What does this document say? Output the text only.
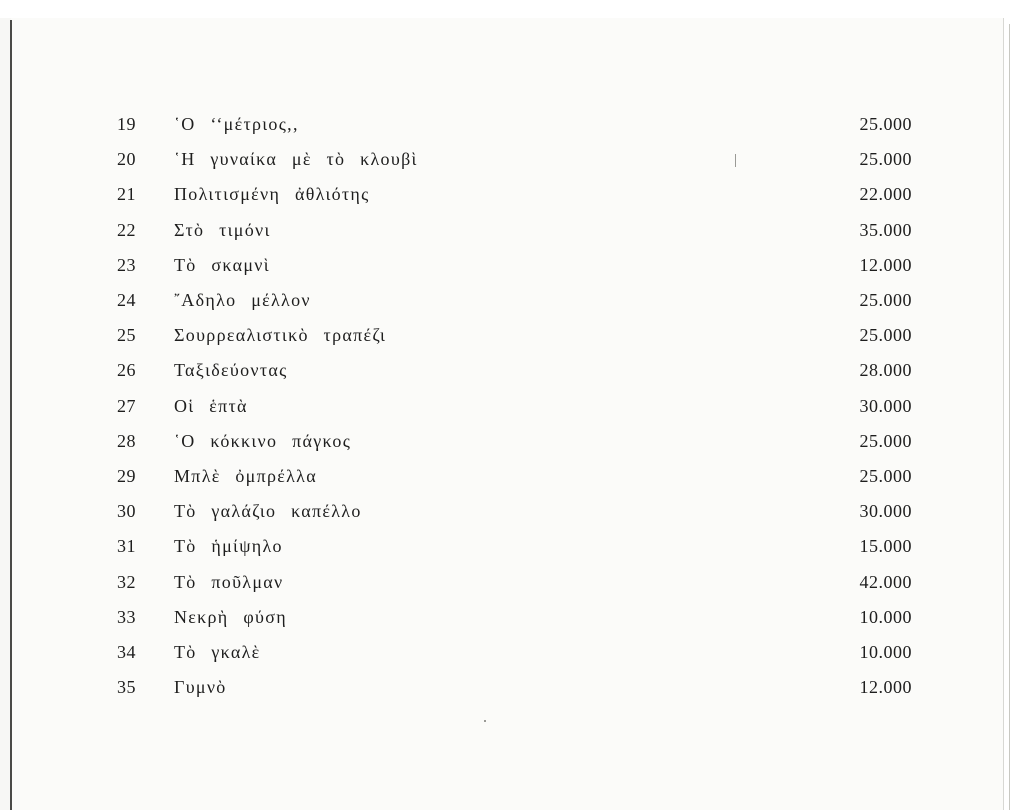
19	῾Ο ‘‘μέτριος,,	25.000
20	῾Η γυναίκα μὲ τὸ κλουβὶ	25.000
21	Πολιτισμένη ἀθλιότης	22.000
22	Στὸ τιμόνι	35.000
23	Τὸ σκαμνὶ	12.000
24	῎Αδηλο μέλλον	25.000
25	Σουρρεαλιστικὸ τραπέζι	25.000
26	Ταξιδεύοντας	28.000
27	Οἱ ἑπτὰ	30.000
28	῾Ο κόκκινο πάγκος	25.000
29	Μπλὲ ὀμπρέλλα	25.000
30	Τὸ γαλάζιο καπέλλο	30.000
31	Τὸ ἡμίψηλο	15.000
32	Τὸ ποῦλμαν	42.000
33	Νεκρὴ φύση	10.000
34	Τὸ γκαλὲ	10.000
35	Γυμνὸ	12.000
